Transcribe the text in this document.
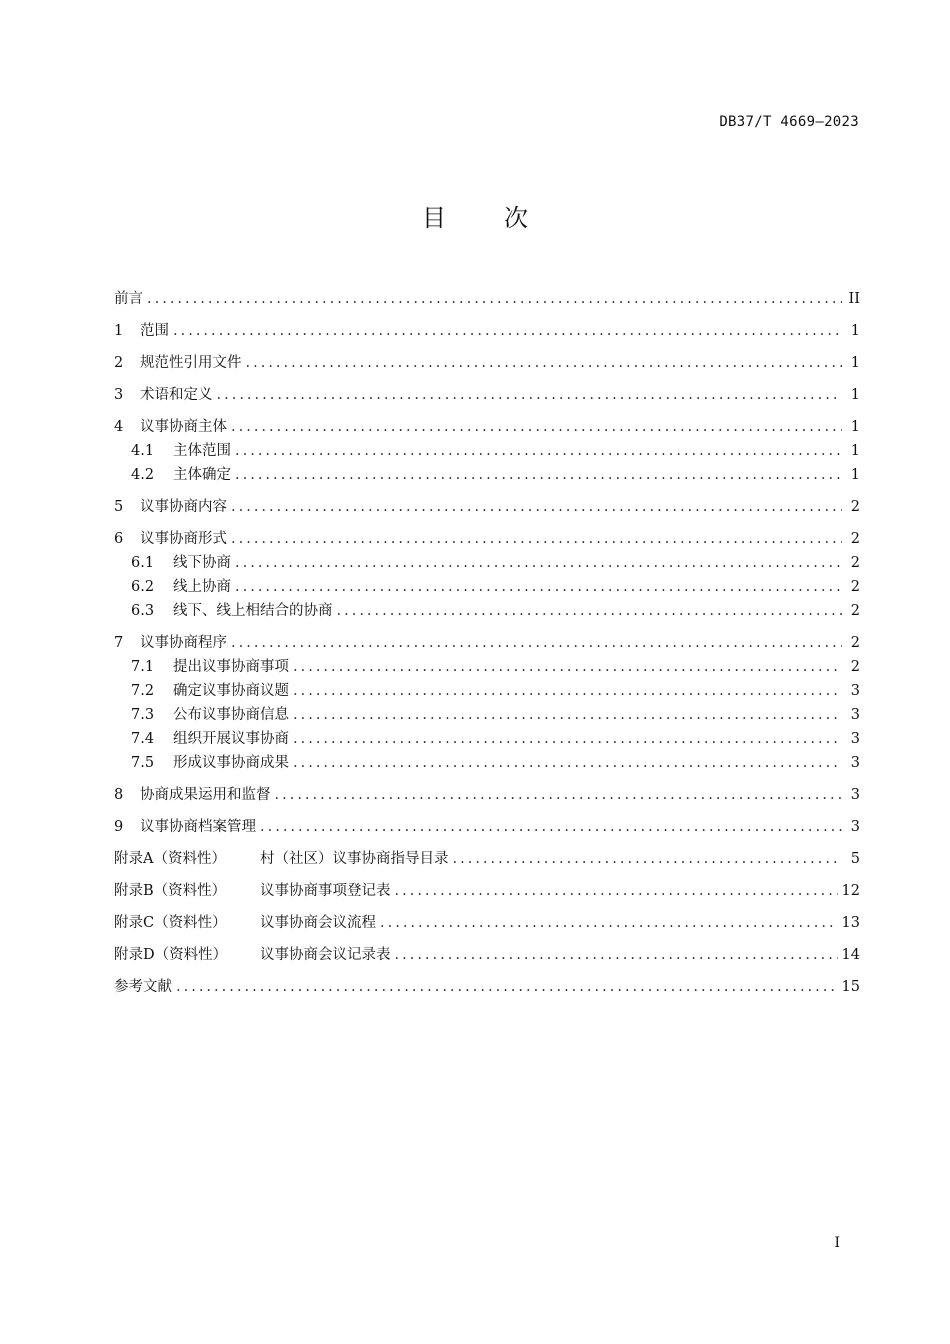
DB37/T 4669—2023
目次
前言 .....	II
1	范围 .....	1
2	规范性引用文件 .....	1
3	术语和定义 .....	1
4	议事协商主体 .....	1
4.1	主体范围 .....	1
4.2	主体确定 .....	1
5	议事协商内容 .....	2
6	议事协商形式 .....	2
6.1	线下协商 .....	2
6.2	线上协商 .....	2
6.3	线下、线上相结合的协商 .....	2
7	议事协商程序 .....	2
7.1	提出议事协商事项 .....	2
7.2	确定议事协商议题 .....	3
7.3	公布议事协商信息 .....	3
7.4	组织开展议事协商 .....	3
7.5	形成议事协商成果 .....	3
8	协商成果运用和监督 .....	3
9	议事协商档案管理 .....	3
附录A（资料性）	村（社区）议事协商指导目录 .....	5
附录B（资料性）	议事协商事项登记表 .....	12
附录C（资料性）	议事协商会议流程 .....	13
附录D（资料性）	议事协商会议记录表 .....	14
参考文献 .....	15
I
